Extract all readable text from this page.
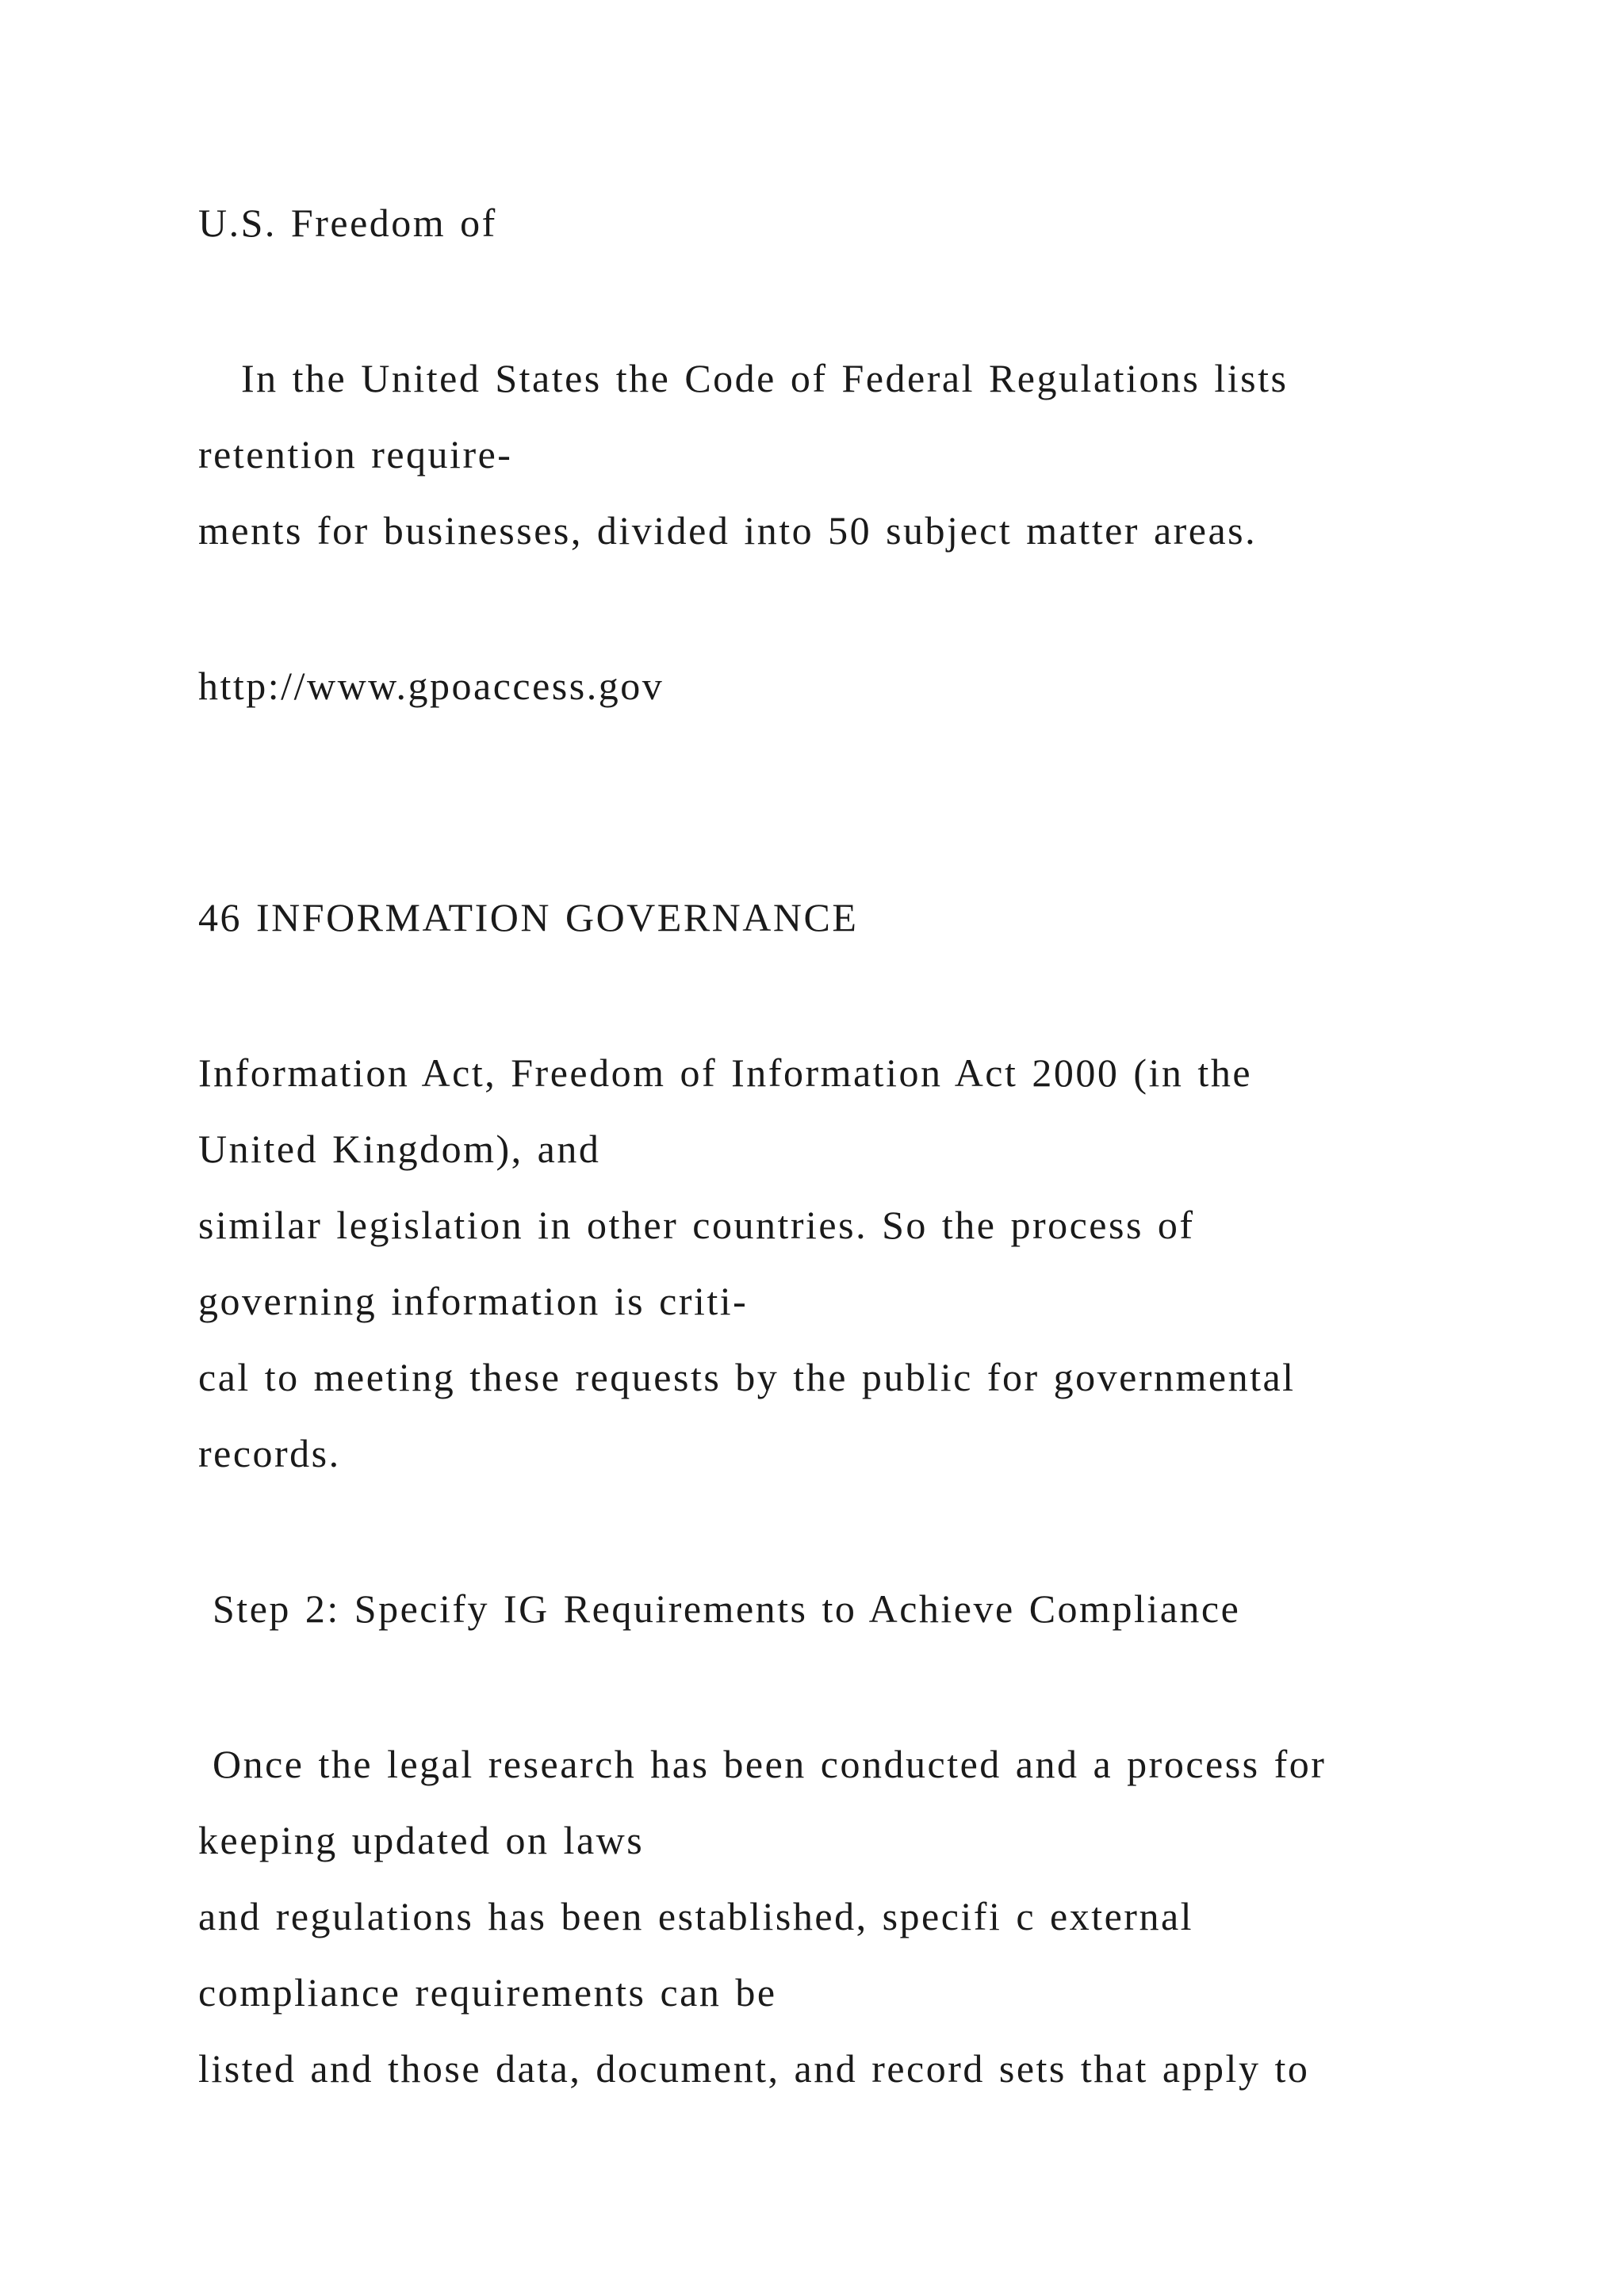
U.S. Freedom of

In the United States the Code of Federal Regulations lists

retention require-

ments for businesses, divided into 50 subject matter areas.

http://www.gpoaccess.gov

46 INFORMATION GOVERNANCE

Information Act, Freedom of Information Act 2000 (in the

United Kingdom), and

similar legislation in other countries. So the process of

governing information is criti-

cal to meeting these requests by the public for governmental

records.

Step 2: Specify IG Requirements to Achieve Compliance

Once the legal research has been conducted and a process for

keeping updated on laws

and regulations has been established, specifi c external

compliance requirements can be

listed and those data, document, and record sets that apply to
